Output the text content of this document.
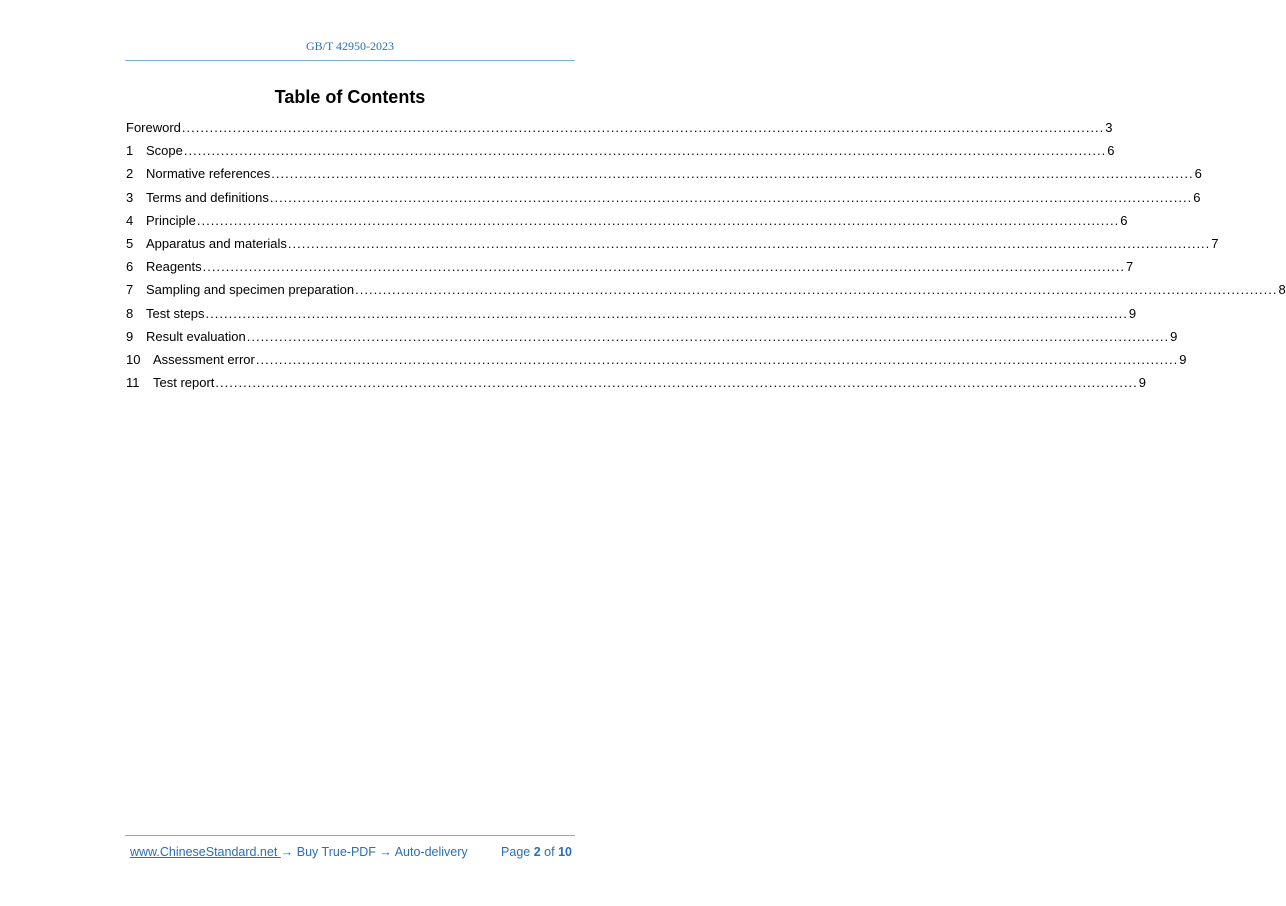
GB/T 42950-2023
Table of Contents
Foreword ........................................................................................................................................................................................................ 3
1 Scope ........................................................................................................................................................................................................ 6
2 Normative references ........................................................................................................................................................................................................ 6
3 Terms and definitions ........................................................................................................................................................................................................ 6
4 Principle ........................................................................................................................................................................................................ 6
5 Apparatus and materials ........................................................................................................................................................................................................ 7
6 Reagents ........................................................................................................................................................................................................ 7
7 Sampling and specimen preparation ........................................................................................................................................................................................................ 8
8 Test steps ........................................................................................................................................................................................................ 9
9 Result evaluation ........................................................................................................................................................................................................ 9
10 Assessment error ........................................................................................................................................................................................................ 9
11	Test report ........................................................................................................................................................................................................ 9
www.ChineseStandard.net → Buy True-PDF → Auto-delivery	Page 2 of 10
